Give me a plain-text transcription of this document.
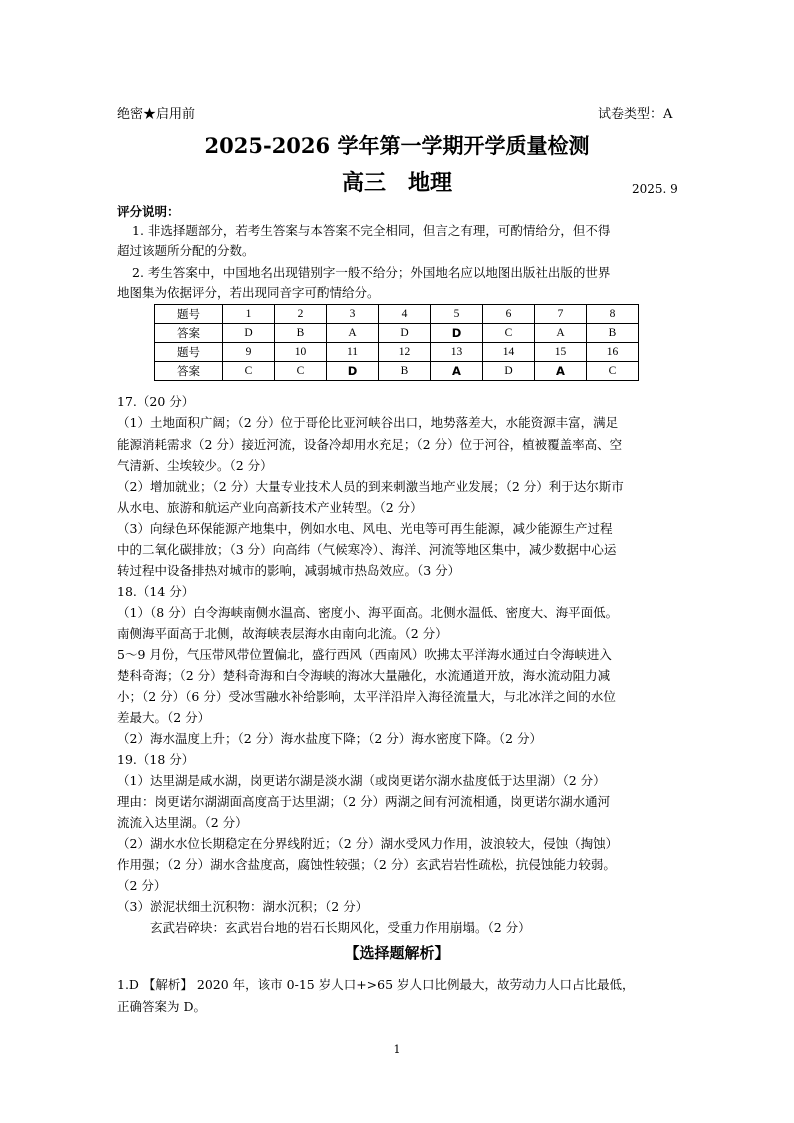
绝密★启用前	试卷类型：A
2025-2026 学年第一学期开学质量检测
高三　地理	2025. 9
评分说明：
1. 非选择题部分，若考生答案与本答案不完全相同，但言之有理，可酌情给分，但不得
超过该题所分配的分数。
2. 考生答案中，中国地名出现错别字一般不给分；外国地名应以地图出版社出版的世界
地图集为依据评分，若出现同音字可酌情给分。
题号	1	2	3	4	5	6	7	8
答案	D	B	A	D	D	C	A	B
题号	9	10	11	12	13	14	15	16
答案	C	C	D	B	A	D	A	C
17.（20 分）
（1）土地面积广阔；（2 分）位于哥伦比亚河峡谷出口，地势落差大，水能资源丰富，满足
能源消耗需求（2 分）接近河流，设备冷却用水充足；（2 分）位于河谷，植被覆盖率高、空
气清新、尘埃较少。（2 分）
（2）增加就业；（2 分）大量专业技术人员的到来刺激当地产业发展；（2 分）利于达尔斯市
从水电、旅游和航运产业向高新技术产业转型。（2 分）
（3）向绿色环保能源产地集中，例如水电、风电、光电等可再生能源，减少能源生产过程
中的二氧化碳排放；（3 分）向高纬（气候寒冷）、海洋、河流等地区集中，减少数据中心运
转过程中设备排热对城市的影响，减弱城市热岛效应。（3 分）
18.（14 分）
（1）（8 分）白令海峡南侧水温高、密度小、海平面高。北侧水温低、密度大、海平面低。
南侧海平面高于北侧，故海峡表层海水由南向北流。（2 分）
5～9 月份，气压带风带位置偏北，盛行西风（西南风）吹拂太平洋海水通过白令海峡进入
楚科奇海；（2 分）楚科奇海和白令海峡的海冰大量融化，水流通道开放，海水流动阻力减
小；（2 分）（6 分）受冰雪融水补给影响，太平洋沿岸入海径流量大，与北冰洋之间的水位
差最大。（2 分）
（2）海水温度上升；（2 分）海水盐度下降；（2 分）海水密度下降。（2 分）
19.（18 分）
（1）达里湖是咸水湖，岗更诺尔湖是淡水湖（或岗更诺尔湖水盐度低于达里湖）（2 分）
理由：岗更诺尔湖湖面高度高于达里湖；（2 分）两湖之间有河流相通，岗更诺尔湖水通河
流流入达里湖。（2 分）
（2）湖水水位长期稳定在分界线附近；（2 分）湖水受风力作用，波浪较大，侵蚀（掏蚀）
作用强；（2 分）湖水含盐度高，腐蚀性较强；（2 分）玄武岩岩性疏松，抗侵蚀能力较弱。
（2 分）
（3）淤泥状细土沉积物：湖水沉积；（2 分）
玄武岩碎块：玄武岩台地的岩石长期风化，受重力作用崩塌。（2 分）
【选择题解析】
1.D 【解析】 2020 年，该市 0-15 岁人口+>65 岁人口比例最大，故劳动力人口占比最低，
正确答案为 D。
1
